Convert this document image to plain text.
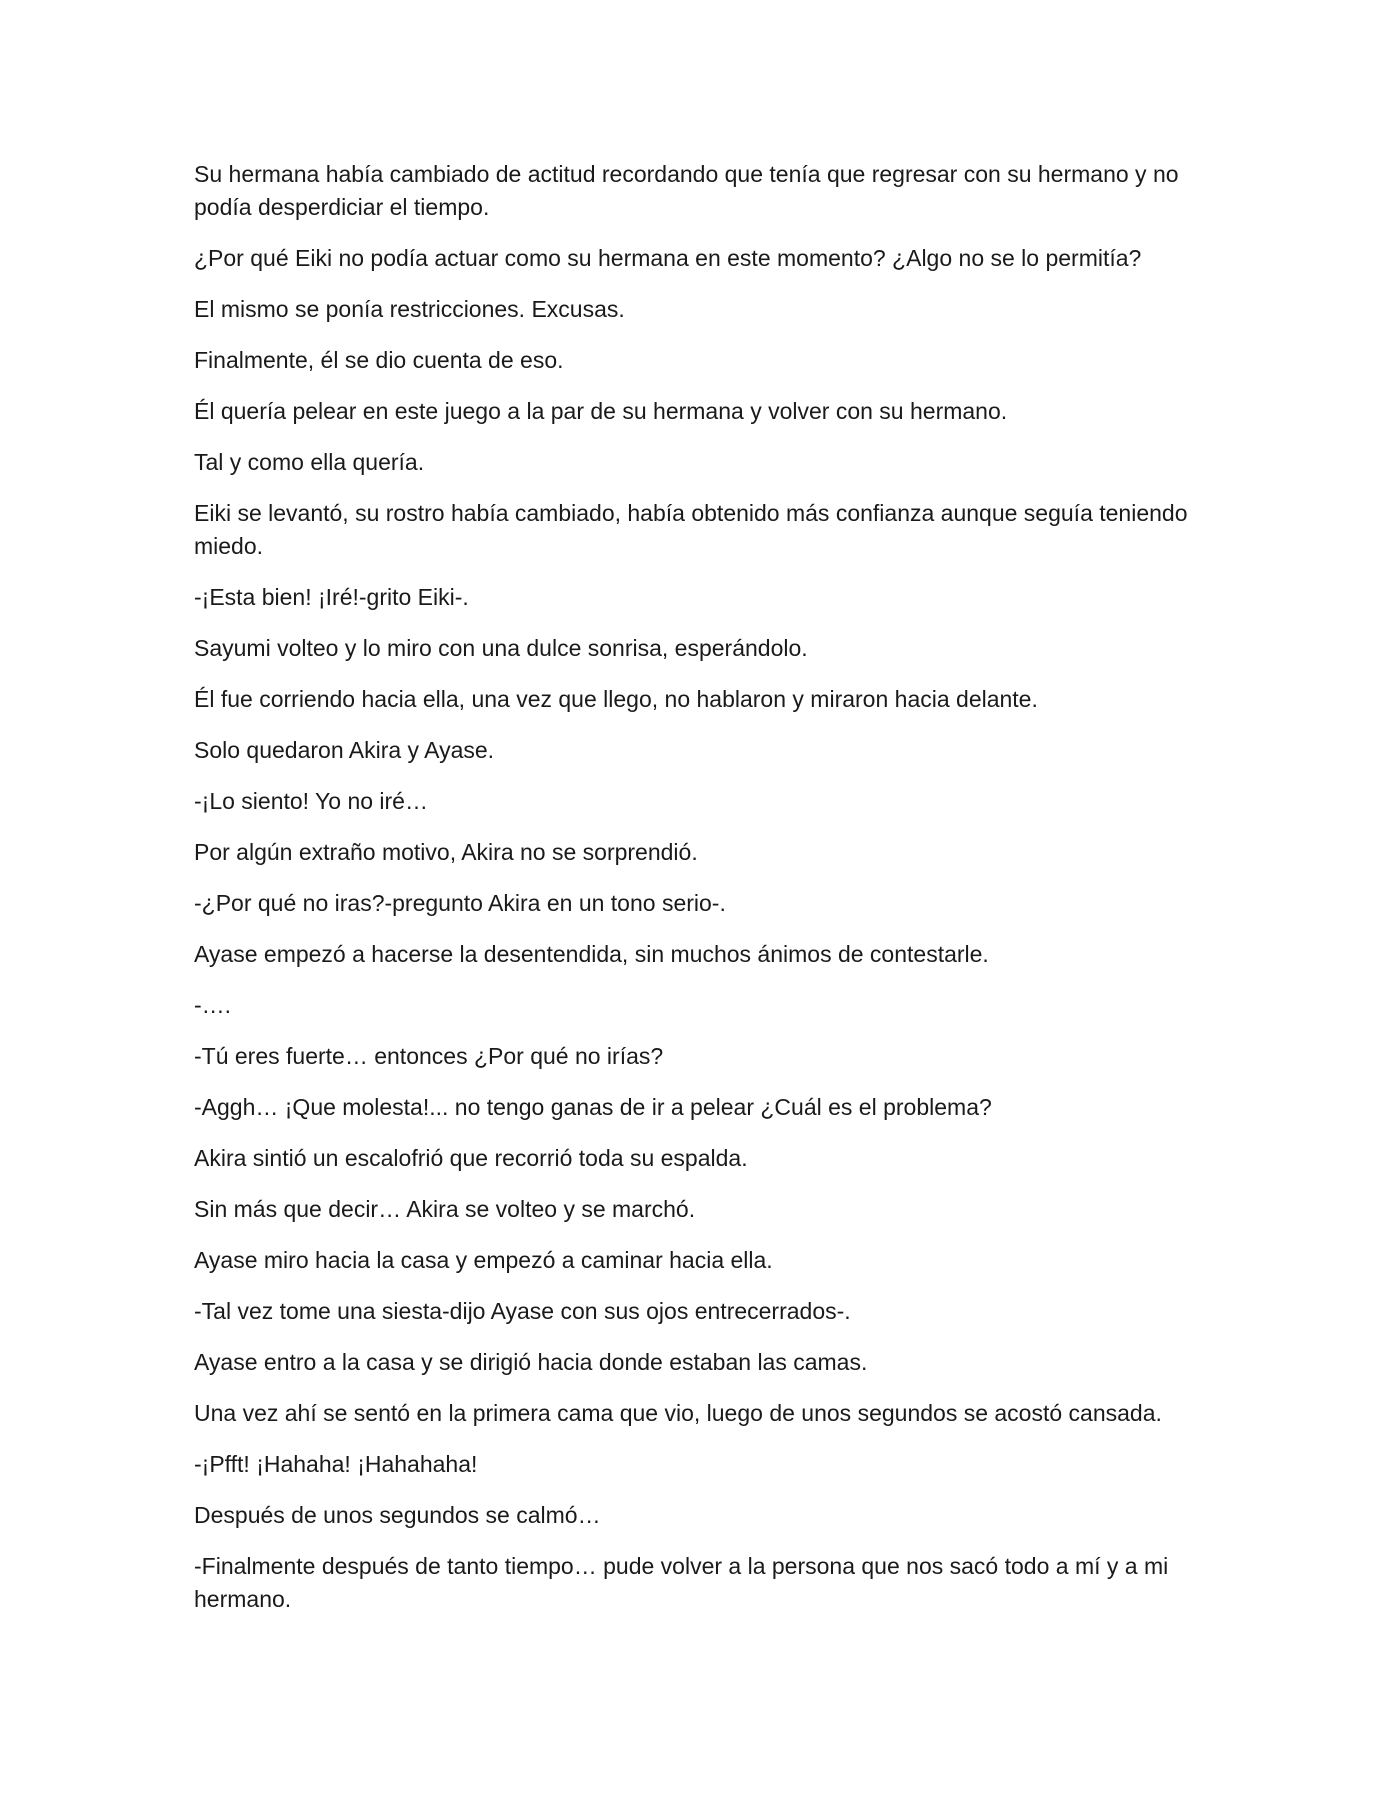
Su hermana había cambiado de actitud recordando que tenía que regresar con su hermano y no podía desperdiciar el tiempo.

¿Por qué Eiki no podía actuar como su hermana en este momento? ¿Algo no se lo permitía?

El mismo se ponía restricciones. Excusas.

Finalmente, él se dio cuenta de eso.

Él quería pelear en este juego a la par de su hermana y volver con su hermano.

Tal y como ella quería.

Eiki se levantó, su rostro había cambiado, había obtenido más confianza aunque seguía teniendo miedo.

-¡Esta bien! ¡Iré!-grito Eiki-.

Sayumi volteo y lo miro con una dulce sonrisa, esperándolo.

Él fue corriendo hacia ella, una vez que llego, no hablaron y miraron hacia delante.

Solo quedaron Akira y Ayase.

-¡Lo siento! Yo no iré…

Por algún extraño motivo, Akira no se sorprendió.

-¿Por qué no iras?-pregunto Akira en un tono serio-.

Ayase empezó a hacerse la desentendida, sin muchos ánimos de contestarle.

-….

-Tú eres fuerte… entonces ¿Por qué no irías?

-Aggh… ¡Que molesta!... no tengo ganas de ir a pelear ¿Cuál es el problema?

Akira sintió un escalofrió que recorrió toda su espalda.

Sin más que decir… Akira se volteo y se marchó.

Ayase miro hacia la casa y empezó a caminar hacia ella.

-Tal vez tome una siesta-dijo Ayase con sus ojos entrecerrados-.

Ayase entro a la casa y se dirigió hacia donde estaban las camas.

Una vez ahí se sentó en la primera cama que vio, luego de unos segundos se acostó cansada.

-¡Pfft! ¡Hahaha! ¡Hahahaha!

Después de unos segundos se calmó…

-Finalmente después de tanto tiempo… pude volver a la persona que nos sacó todo a mí y a mi hermano.
